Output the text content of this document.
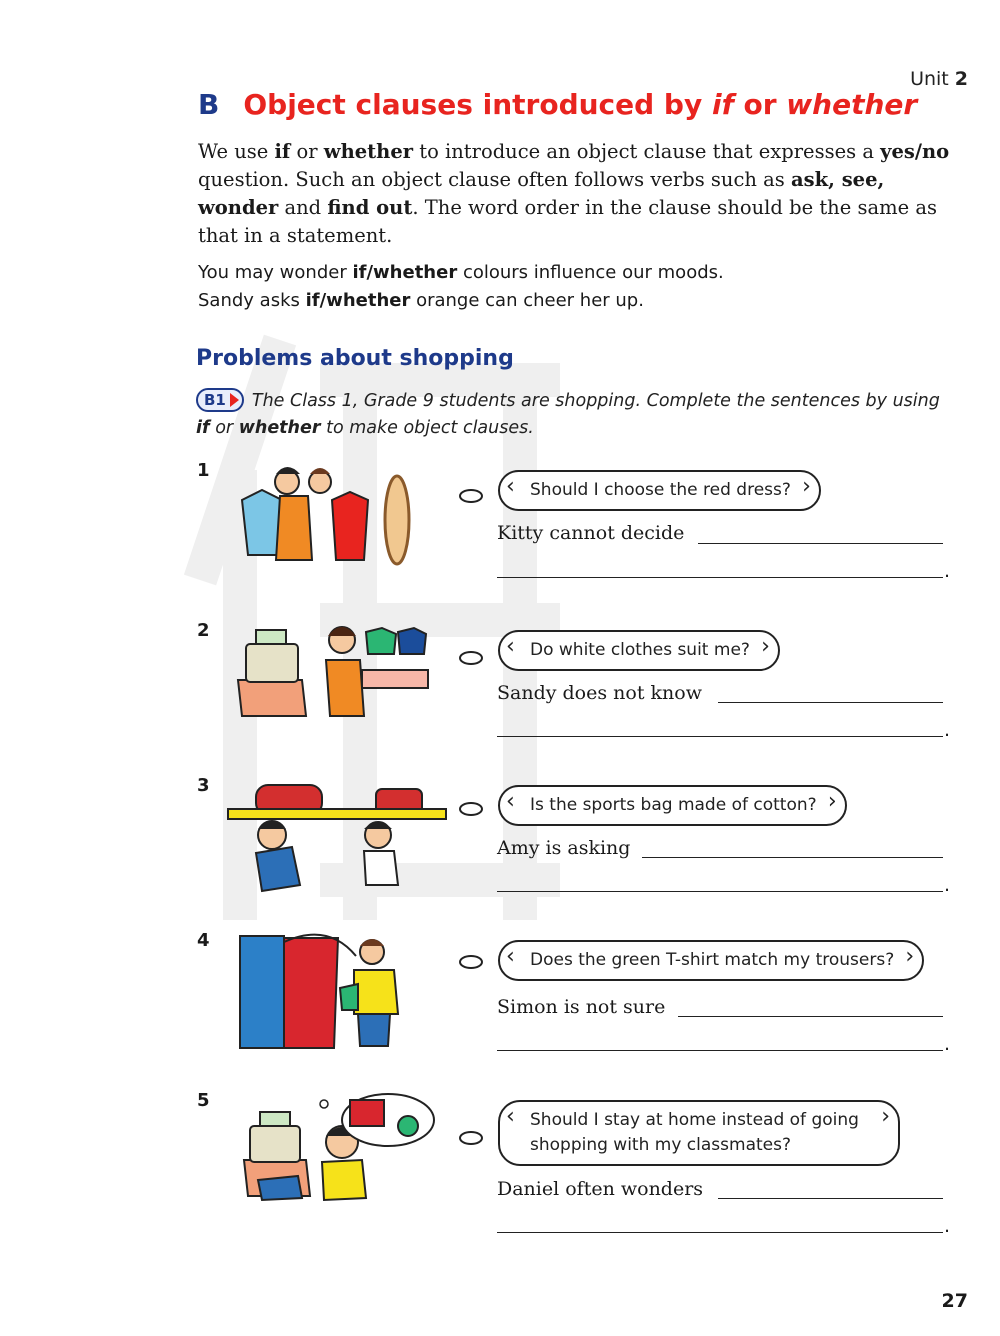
Unit 2
B Object clauses introduced by if or whether
We use if or whether to introduce an object clause that expresses a yes/no question. Such an object clause often follows verbs such as ask, see, wonder and find out. The word order in the clause should be the same as that in a statement.
You may wonder if/whether colours influence our moods.
Sandy asks if/whether orange can cheer her up.
Problems about shopping
B1 The Class 1, Grade 9 students are shopping. Complete the sentences by using if or whether to make object clauses.
1
‹ Should I choose the red dress? ›
Kitty cannot decide
.
2
‹ Do white clothes suit me? ›
Sandy does not know
.
3
‹ Is the sports bag made of cotton? ›
Amy is asking
.
4
‹ Does the green T-shirt match my trousers? ›
Simon is not sure
.
5
‹ Should I stay at home instead of going shopping with my classmates? ›
Daniel often wonders
.
27
